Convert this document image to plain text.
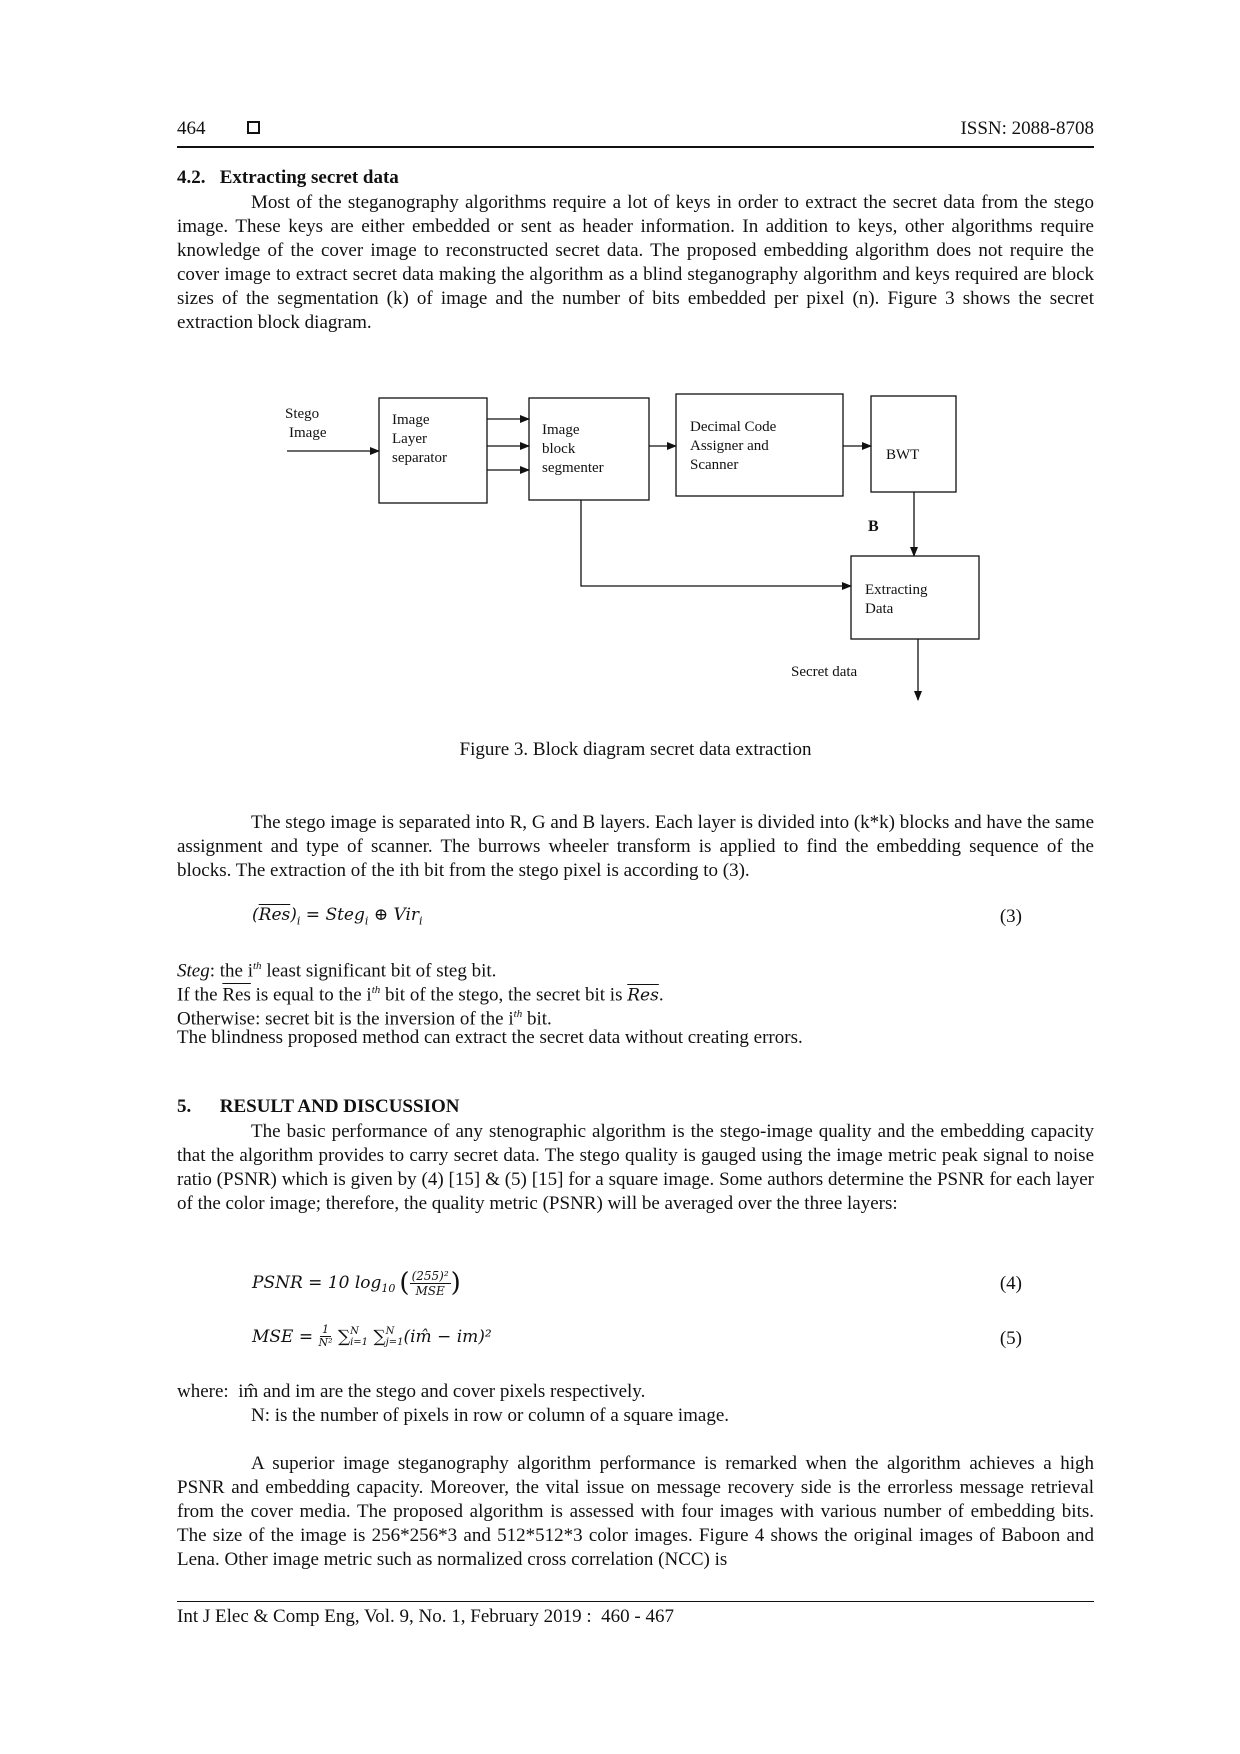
464	ISSN: 2088-8708
4.2.   Extracting secret data
Most of the steganography algorithms require a lot of keys in order to extract the secret data from the stego image. These keys are either embedded or sent as header information. In addition to keys, other algorithms require knowledge of the cover image to reconstructed secret data. The proposed embedding algorithm does not require the cover image to extract secret data making the algorithm as a blind steganography algorithm and keys required are block sizes of the segmentation (k) of image and the number of bits embedded per pixel (n). Figure 3 shows the secret extraction block diagram.
Stego
Image
Image
Layer
separator
Image
block
segmenter
Decimal Code
Assigner and
Scanner
BWT
B
Extracting
Data
Secret data
Figure 3. Block diagram secret data extraction
The stego image is separated into R, G and B layers. Each layer is divided into (k*k) blocks and have the same assignment and type of scanner. The burrows wheeler transform is applied to find the embedding sequence of the blocks. The extraction of the ith bit from the stego pixel is according to (3).
$(\overline{Res})_i$ = Steg$_i$ ⊕ Vir$_i$	(3)
Steg: the $i^{th}$ least significant bit of steg bit.
If the $\overline{Res}$ is equal to the $i^{th}$ bit of the stego, the secret bit is $\overline{Res}$.
Otherwise: secret bit is the inversion of the $i^{th}$ bit.
The blindness proposed method can extract the secret data without creating errors.
5.      RESULT AND DISCUSSION
The basic performance of any stenographic algorithm is the stego-image quality and the embedding capacity that the algorithm provides to carry secret data. The stego quality is gauged using the image metric peak signal to noise ratio (PSNR) which is given by (4) [15] & (5) [15] for a square image. Some authors determine the PSNR for each layer of the color image; therefore, the quality metric (PSNR) will be averaged over the three layers:
PSNR = 10 $\log_{10}$ ( (255)²
MSE )	(4)
MSE = $\frac{1}{\text{N²}}$ ∑ N
i=1 ∑ N
j=1 (im̂ − im)²	(5)
where:  im̂ and im are the stego and cover pixels respectively.
N: is the number of pixels in row or column of a square image.
A superior image steganography algorithm performance is remarked when the algorithm achieves a high PSNR and embedding capacity. Moreover, the vital issue on message recovery side is the errorless message retrieval from the cover media. The proposed algorithm is assessed with four images with various number of embedding bits. The size of the image is 256*256*3 and 512*512*3 color images. Figure 4 shows the original images of Baboon and Lena. Other image metric such as normalized cross correlation (NCC) is
Int J Elec & Comp Eng, Vol. 9, No. 1, February 2019 :  460 - 467
